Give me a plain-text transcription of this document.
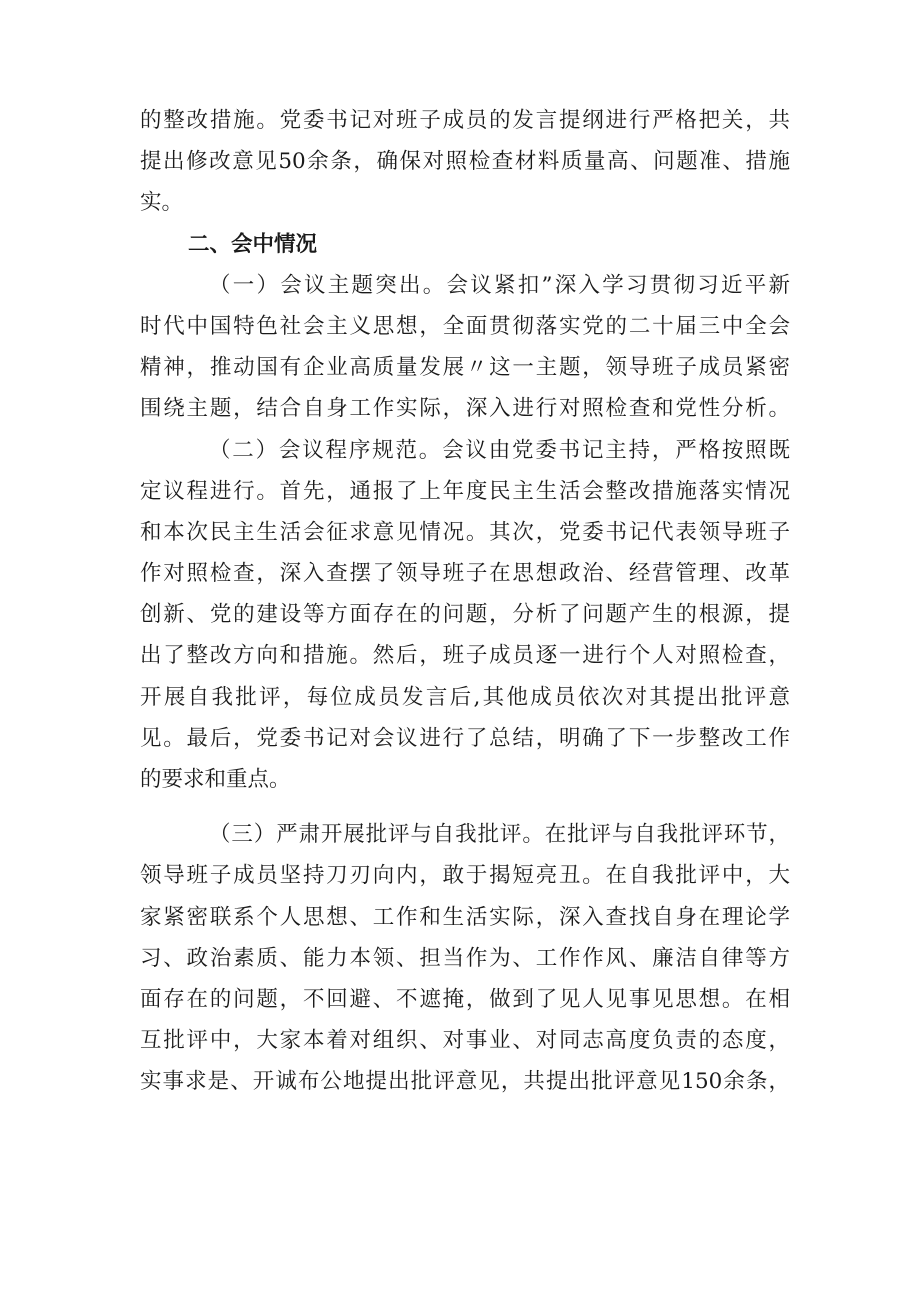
的整改措施。党委书记对班子成员的发言提纲进行严格把关，共
提出修改意见50余条，确保对照检查材料质量高、问题准、措施
实。
二、会中情况
（一）会议主题突出。会议紧扣”深入学习贯彻习近平新
时代中国特色社会主义思想，全面贯彻落实党的二十届三中全会
精神，推动国有企业高质量发展〃这一主题，领导班子成员紧密
围绕主题，结合自身工作实际，深入进行对照检查和党性分析。
（二）会议程序规范。会议由党委书记主持，严格按照既
定议程进行。首先，通报了上年度民主生活会整改措施落实情况
和本次民主生活会征求意见情况。其次，党委书记代表领导班子
作对照检查，深入查摆了领导班子在思想政治、经营管理、改革
创新、党的建设等方面存在的问题，分析了问题产生的根源，提
出了整改方向和措施。然后，班子成员逐一进行个人对照检查，
开展自我批评，每位成员发言后,其他成员依次对其提出批评意
见。最后，党委书记对会议进行了总结，明确了下一步整改工作
的要求和重点。
（三）严肃开展批评与自我批评。在批评与自我批评环节，
领导班子成员坚持刀刃向内，敢于揭短亮丑。在自我批评中，大
家紧密联系个人思想、工作和生活实际，深入查找自身在理论学
习、政治素质、能力本领、担当作为、工作作风、廉洁自律等方
面存在的问题，不回避、不遮掩，做到了见人见事见思想。在相
互批评中，大家本着对组织、对事业、对同志高度负责的态度，
实事求是、开诚布公地提出批评意见，共提出批评意见150余条，
